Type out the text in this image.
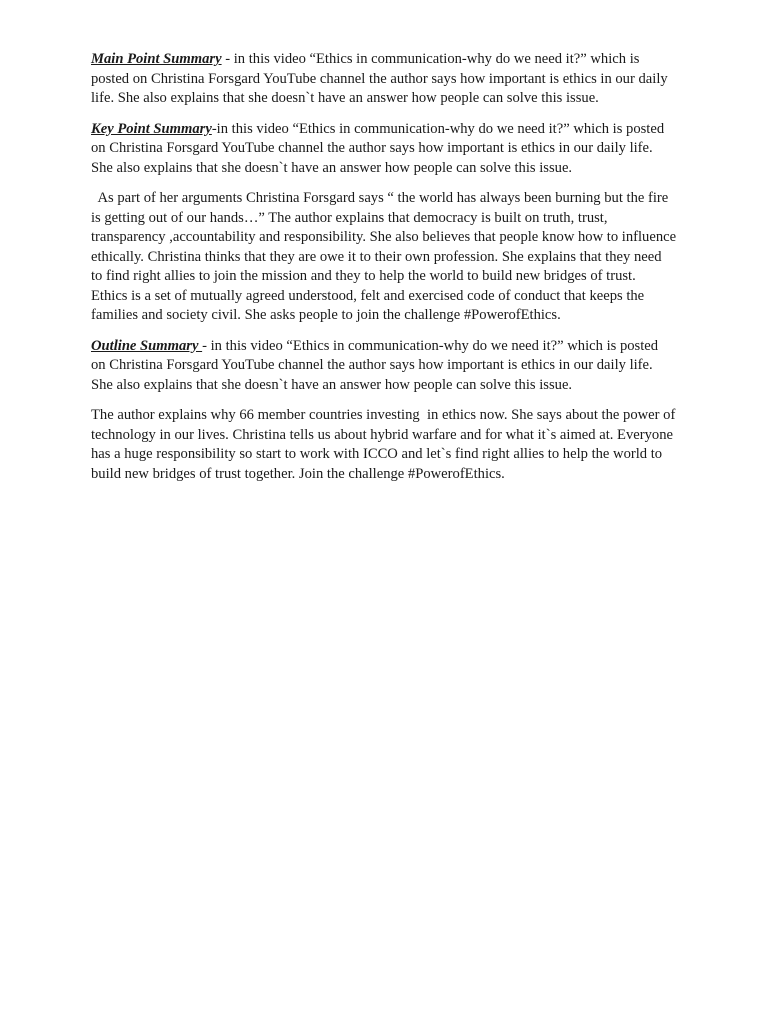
Main Point Summary - in this video “Ethics in communication-why do we need it?” which is
posted on Christina Forsgard YouTube channel the author says how important is ethics in our daily
life. She also explains that she doesn`t have an answer how people can solve this issue.

Key Point Summary-in this video “Ethics in communication-why do we need it?” which is posted
on Christina Forsgard YouTube channel the author says how important is ethics in our daily life.
She also explains that she doesn`t have an answer how people can solve this issue.

As part of her arguments Christina Forsgard says “ the world has always been burning but the fire
is getting out of our hands…” The author explains that democracy is built on truth, trust,
transparency ,accountability and responsibility. She also believes that people know how to influence
ethically. Christina thinks that they are owe it to their own profession. She explains that they need
to find right allies to join the mission and they to help the world to build new bridges of trust.
Ethics is a set of mutually agreed understood, felt and exercised code of conduct that keeps the
families and society civil. She asks people to join the challenge #PowerofEthics.

Outline Summary - in this video “Ethics in communication-why do we need it?” which is posted
on Christina Forsgard YouTube channel the author says how important is ethics in our daily life.
She also explains that she doesn`t have an answer how people can solve this issue.

The author explains why 66 member countries investing  in ethics now. She says about the power of
technology in our lives. Christina tells us about hybrid warfare and for what it`s aimed at. Everyone
has a huge responsibility so start to work with ICCO and let`s find right allies to help the world to
build new bridges of trust together. Join the challenge #PowerofEthics.
